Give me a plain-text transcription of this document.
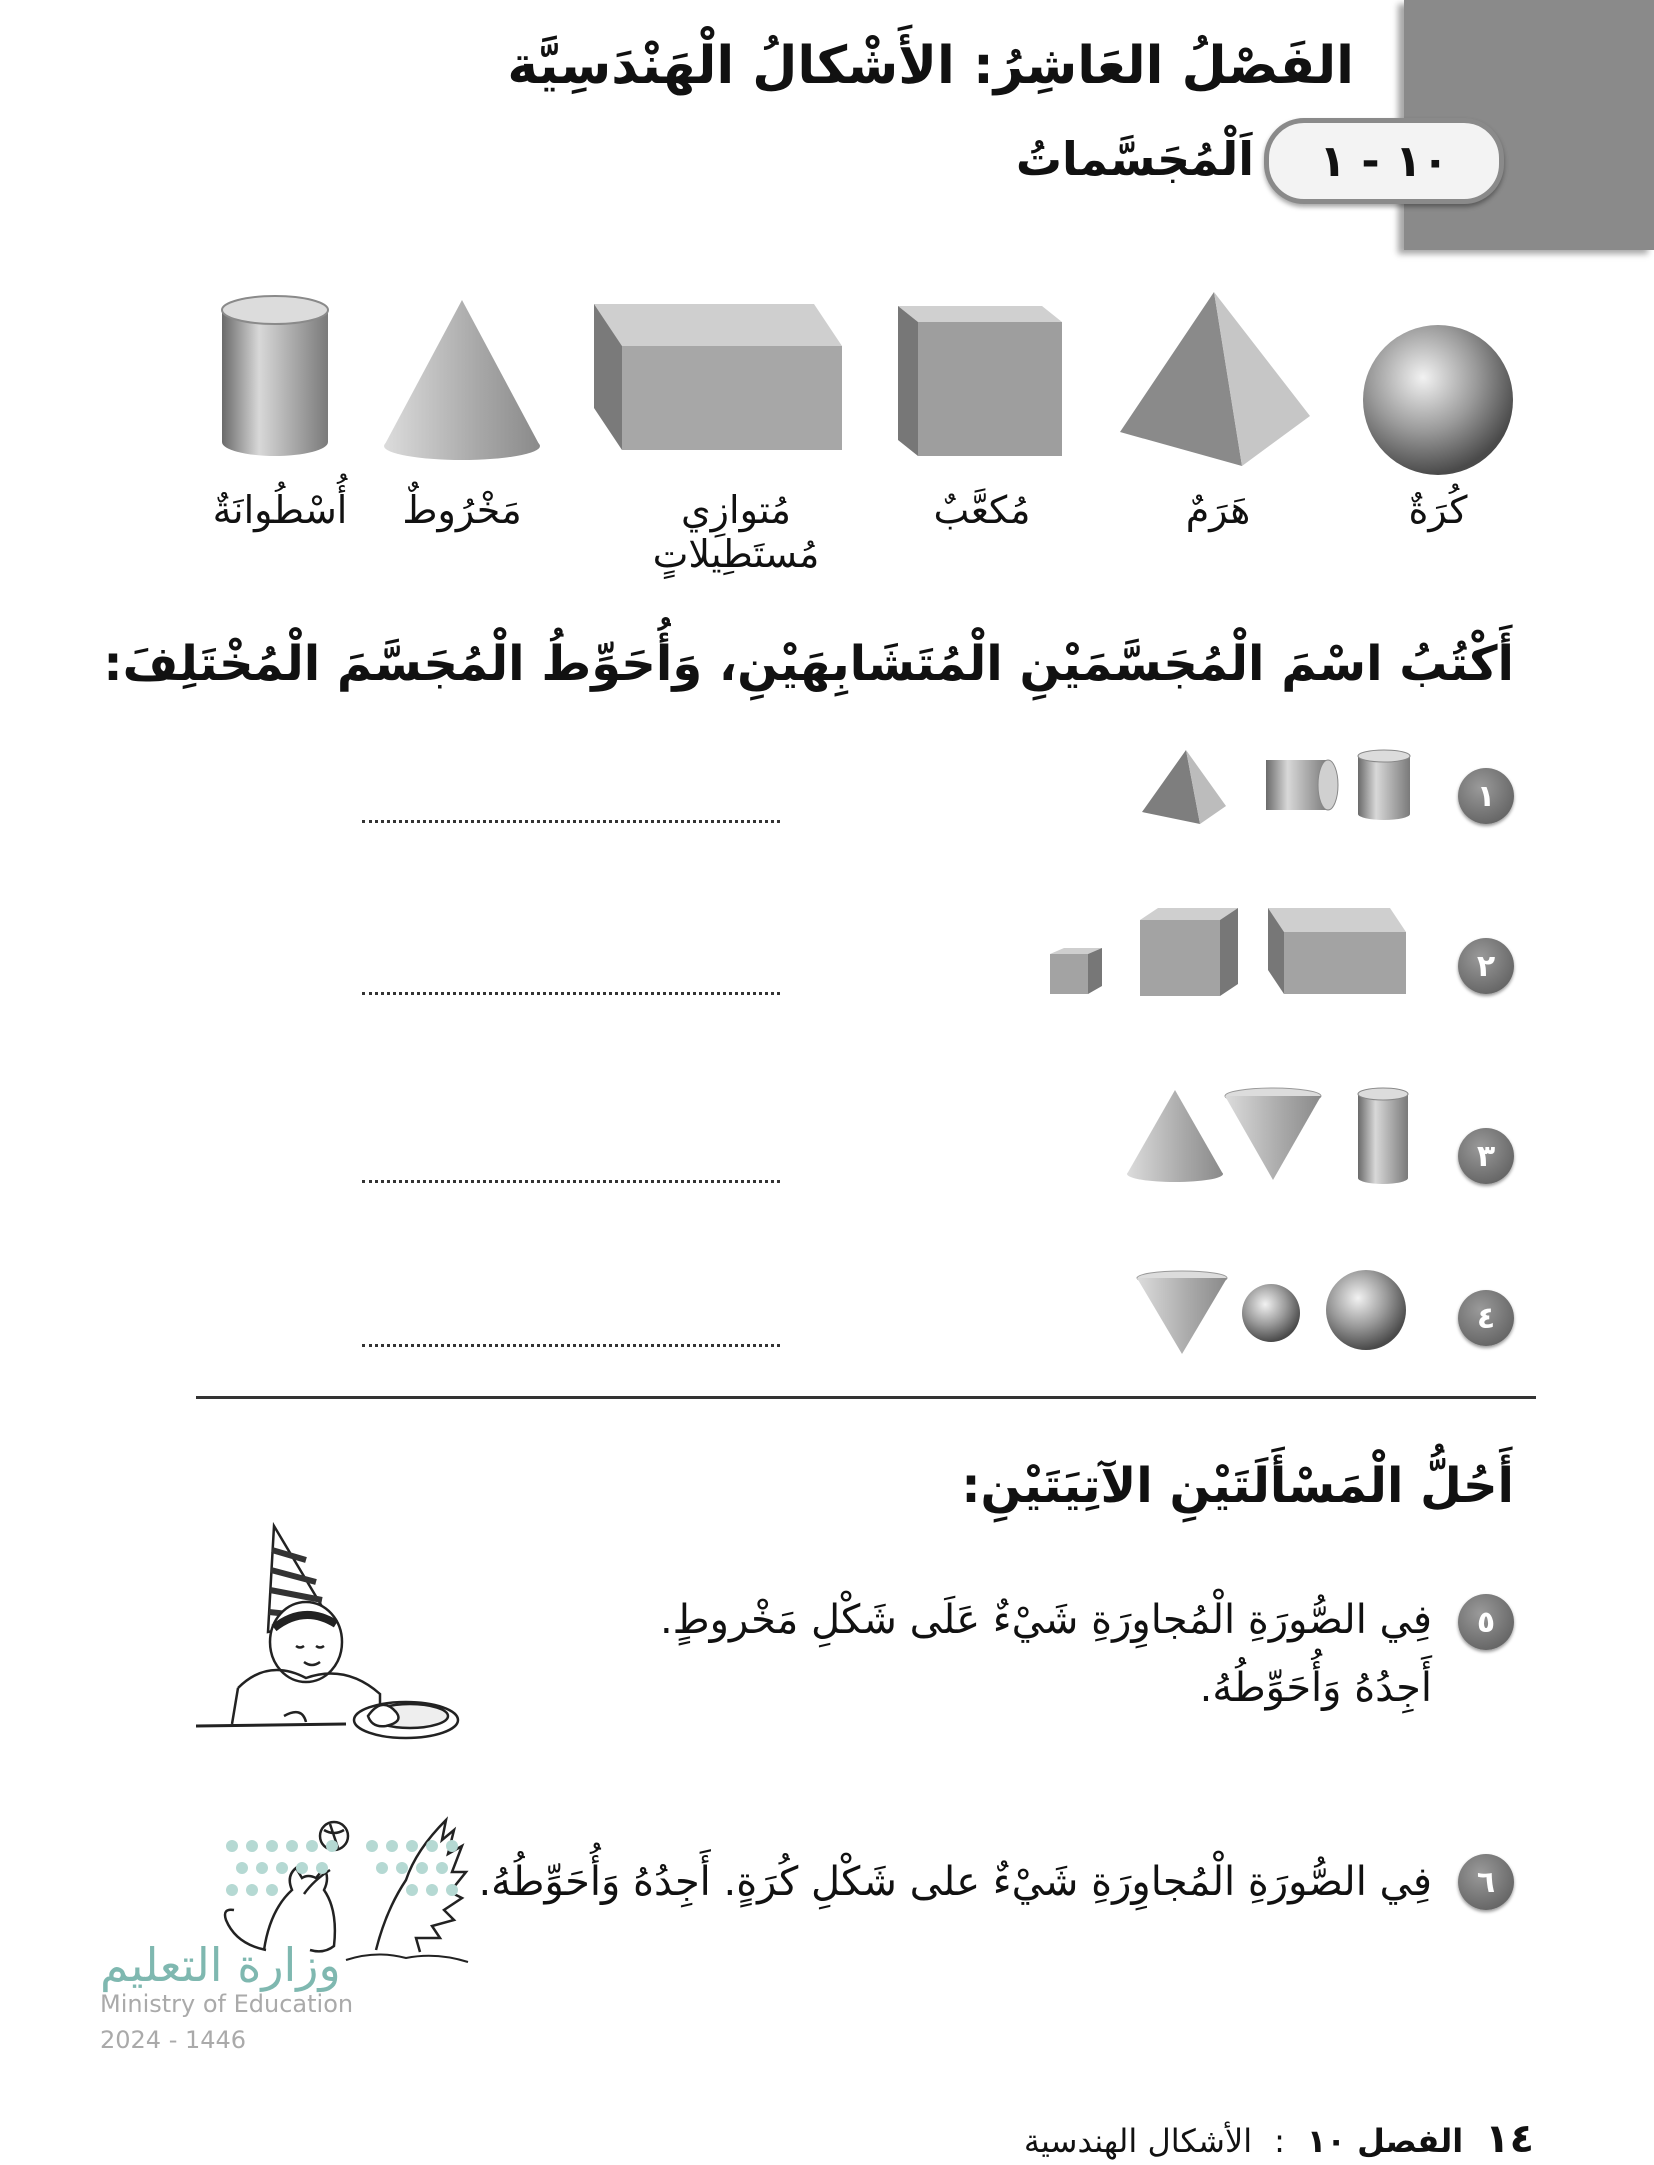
الفَصْلُ العَاشِرُ: الأَشْكالُ الْهَنْدَسِيَّة
١٠ - ١
اَلْمُجَسَّماتُ
كُرَةٌ
هَرَمٌ
مُكعَّبٌ
مُتوازِي مُستَطِيلاتٍ
مَخْرُوطٌ
أُسْطُوانَةٌ
أَكْتُبُ اسْمَ الْمُجَسَّمَيْنِ الْمُتَشَابِهَيْنِ، وَأُحَوِّطُ الْمُجَسَّمَ الْمُخْتَلِفَ:
١
٢
٣
٤
أَحُلُّ الْمَسْأَلَتَيْنِ الآتِيَتَيْنِ:
٥
فِي الصُّورَةِ الْمُجاوِرَةِ شَيْءٌ عَلَى شَكْلِ مَخْروطٍ.
أَجِدُهُ وَأُحَوِّطُهُ.
٦
فِي الصُّورَةِ الْمُجاوِرَةِ شَيْءٌ على شَكْلِ كُرَةٍ. أَجِدُهُ وَأُحَوِّطُهُ.
وزارة التعليم
Ministry of Education
2024 - 1446
١٤
الفصل ١٠
:
الأشكال الهندسية
